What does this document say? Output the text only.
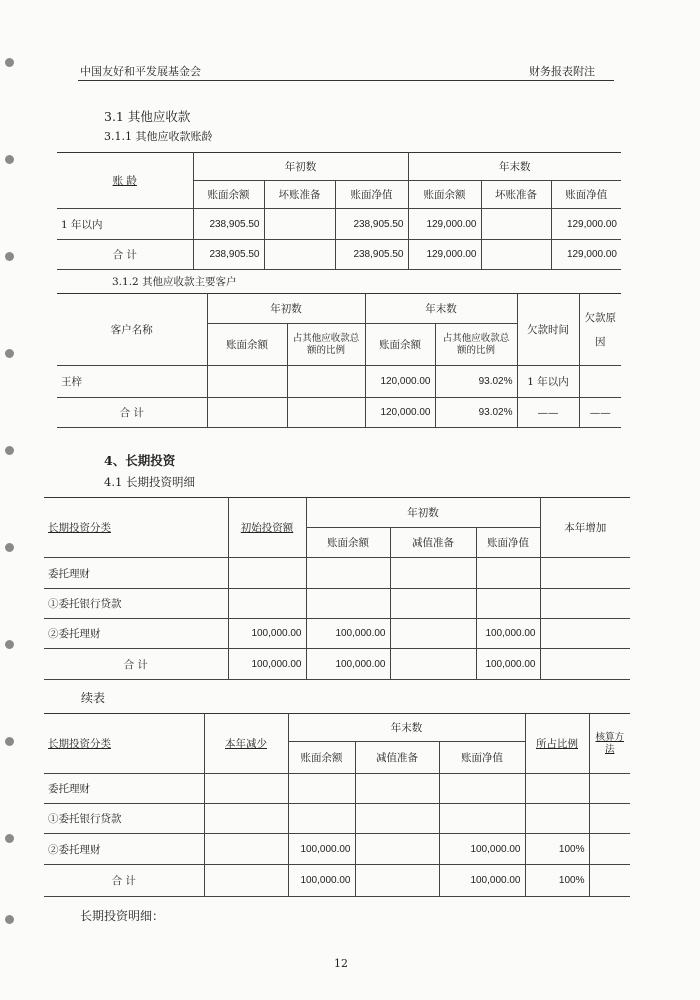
中国友好和平发展基金会	财务报表附注
3.1 其他应收款
3.1.1 其他应收款账龄
账 龄	年初数			年末数		
	账面余额	坏账准备	账面净值	账面余额	坏账准备	账面净值
1 年以内	238,905.50		238,905.50	129,000.00		129,000.00
合 计	238,905.50		238,905.50	129,000.00		129,000.00
3.1.2 其他应收款主要客户
客户名称	年初数		年末数		欠款时间	欠款原因
	账面余额	占其他应收款总额的比例	账面余额	占其他应收款总额的比例		
王梓			120,000.00	93.02%	1 年以内	
合 计			120,000.00	93.02%	——	——
4、长期投资
4.1 长期投资明细
长期投资分类	初始投资额	年初数			本年增加
		账面余额	减值准备	账面净值	
委托理财					
①委托银行贷款					
②委托理财	100,000.00	100,000.00		100,000.00	
合 计	100,000.00	100,000.00		100,000.00	
续表
长期投资分类	本年减少	年末数			所占比例	核算方法
		账面余额	减值准备	账面净值		
委托理财						
①委托银行贷款						
②委托理财		100,000.00		100,000.00	100%	
合 计		100,000.00		100,000.00	100%	
长期投资明细：
12
